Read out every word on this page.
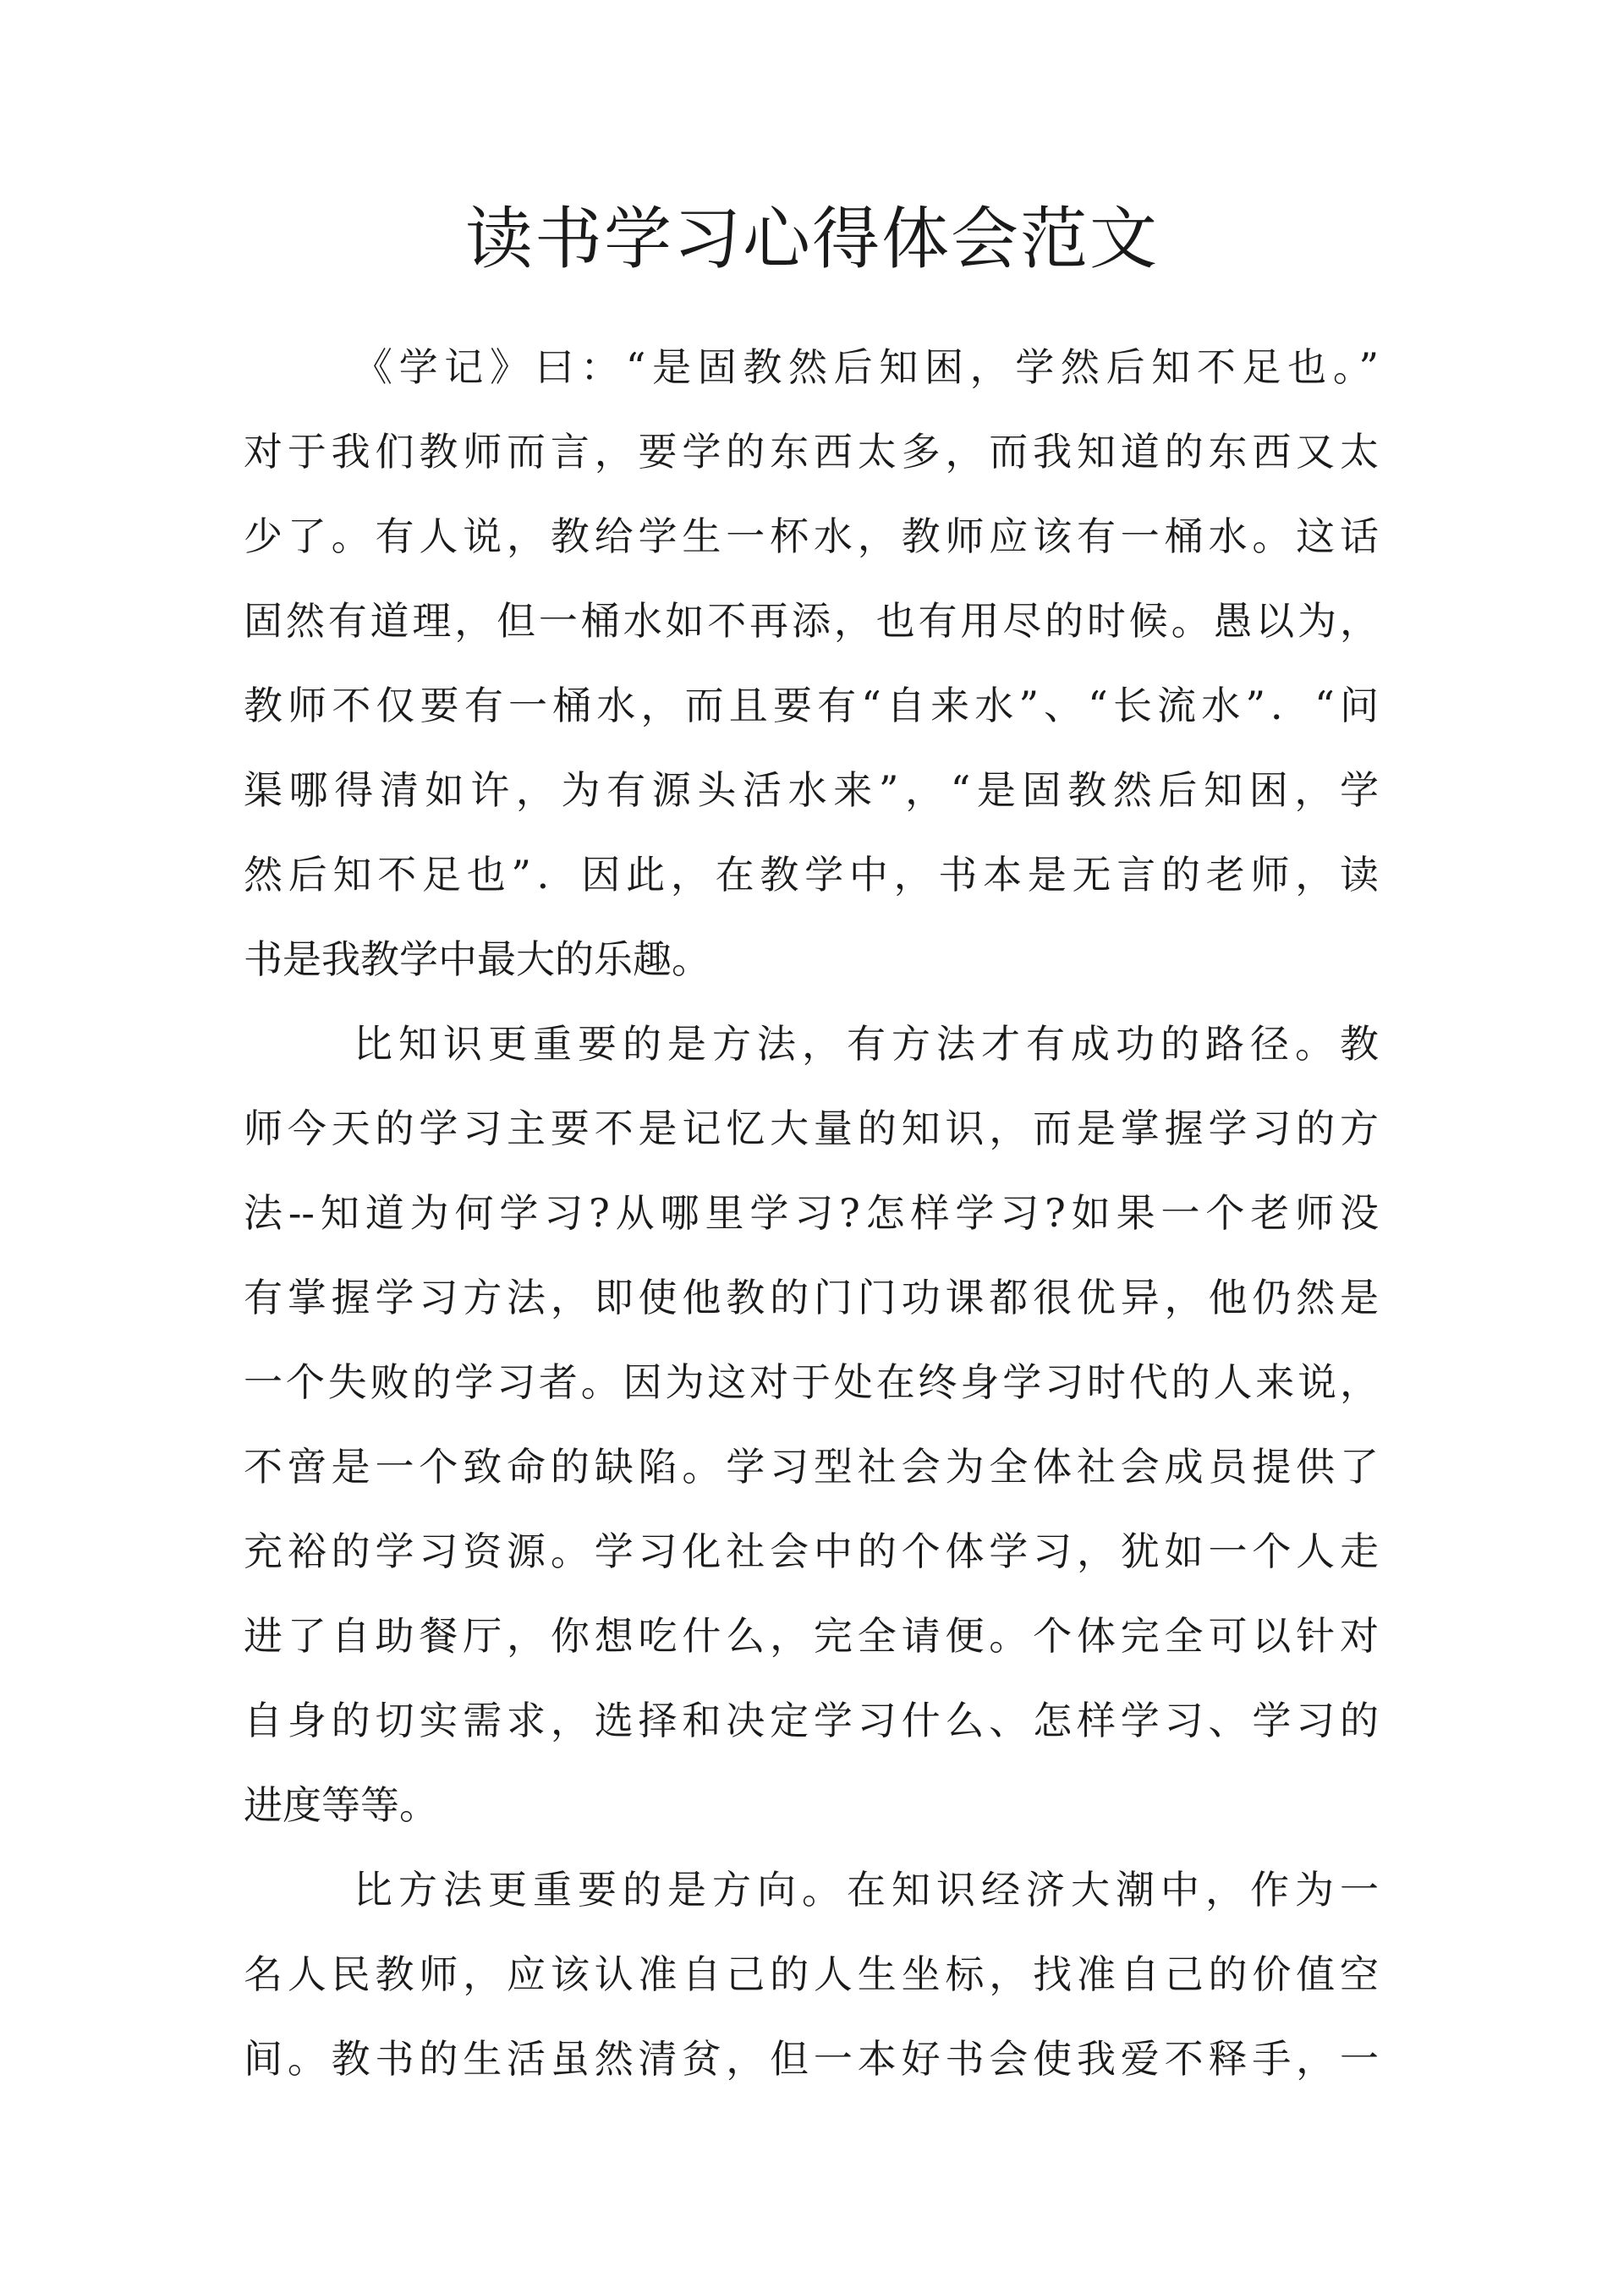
读书学习心得体会范文

《学记》曰：“是固教然后知困，学然后知不足也。”
对于我们教师而言，要学的东西太多，而我知道的东西又太
少了。有人说，教给学生一杯水，教师应该有一桶水。这话
固然有道理，但一桶水如不再添，也有用尽的时候。愚以为，
教师不仅要有一桶水，而且要有“自来水”、“长流水”．“问
渠哪得清如许，为有源头活水来”，“是固教然后知困，学
然后知不足也”．因此，在教学中，书本是无言的老师，读
书是我教学中最大的乐趣。

比知识更重要的是方法，有方法才有成功的路径。教
师今天的学习主要不是记忆大量的知识，而是掌握学习的方
法--知道为何学习?从哪里学习?怎样学习?如果一个老师没
有掌握学习方法，即使他教的门门功课都很优异，他仍然是
一个失败的学习者。因为这对于处在终身学习时代的人来说，
不啻是一个致命的缺陷。学习型社会为全体社会成员提供了
充裕的学习资源。学习化社会中的个体学习，犹如一个人走
进了自助餐厅，你想吃什么，完全请便。个体完全可以针对
自身的切实需求，选择和决定学习什么、怎样学习、学习的
进度等等。

比方法更重要的是方向。在知识经济大潮中，作为一
名人民教师，应该认准自己的人生坐标，找准自己的价值空
间。教书的生活虽然清贫，但一本好书会使我爱不释手，一
